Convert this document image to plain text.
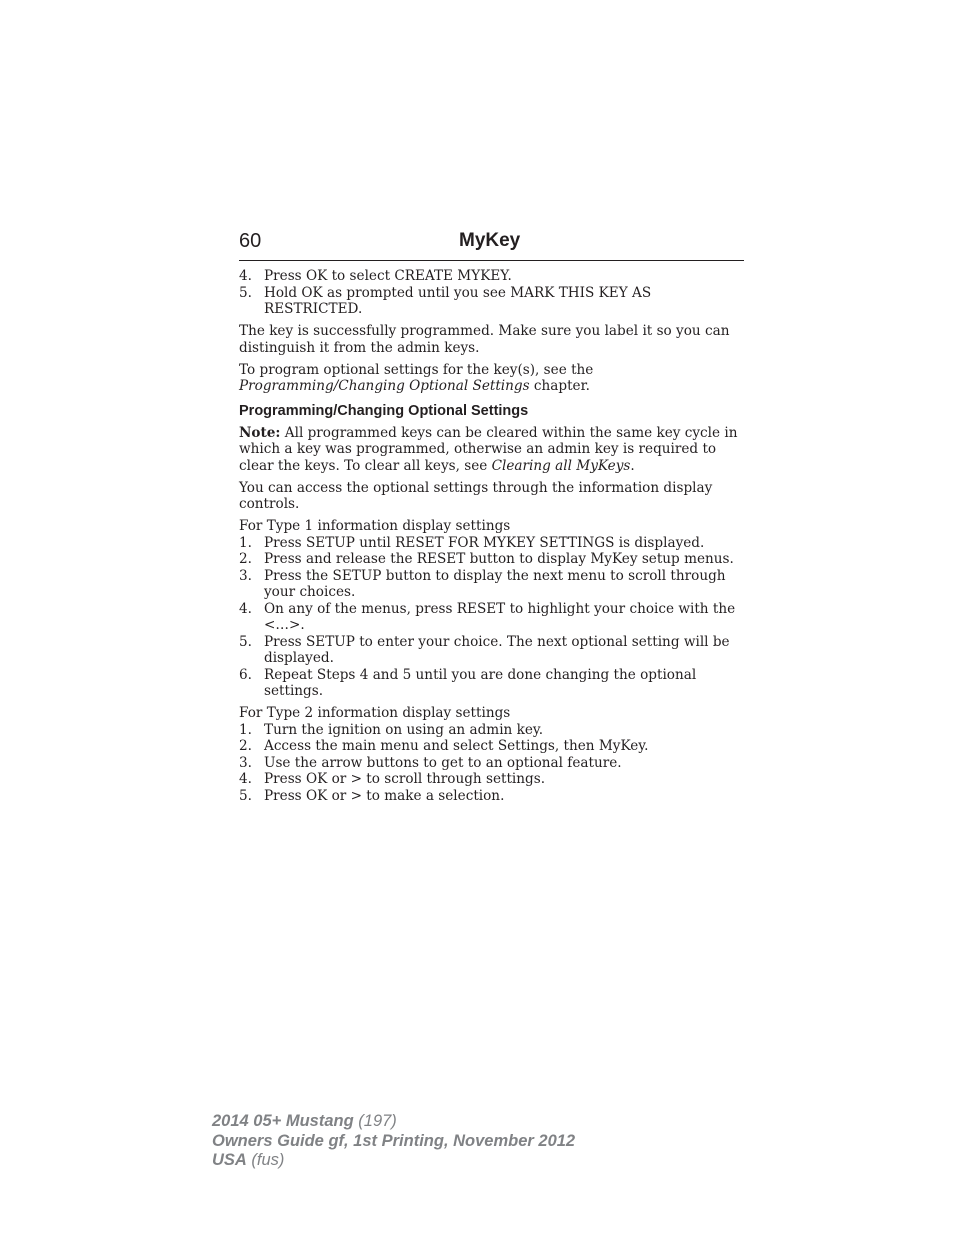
60	MyKey
4. Press OK to select CREATE MYKEY.
5. Hold OK as prompted until you see MARK THIS KEY AS RESTRICTED.

The key is successfully programmed. Make sure you label it so you can distinguish it from the admin keys.

To program optional settings for the key(s), see the Programming/Changing Optional Settings chapter.

Programming/Changing Optional Settings

Note: All programmed keys can be cleared within the same key cycle in which a key was programmed, otherwise an admin key is required to clear the keys. To clear all keys, see Clearing all MyKeys.

You can access the optional settings through the information display controls.

For Type 1 information display settings

1. Press SETUP until RESET FOR MYKEY SETTINGS is displayed.
2. Press and release the RESET button to display MyKey setup menus.
3. Press the SETUP button to display the next menu to scroll through your choices.
4. On any of the menus, press RESET to highlight your choice with the <…>.
5. Press SETUP to enter your choice. The next optional setting will be displayed.
6. Repeat Steps 4 and 5 until you are done changing the optional settings.

For Type 2 information display settings

1. Turn the ignition on using an admin key.
2. Access the main menu and select Settings, then MyKey.
3. Use the arrow buttons to get to an optional feature.
4. Press OK or > to scroll through settings.
5. Press OK or > to make a selection.
2014 05+ Mustang (197)
Owners Guide gf, 1st Printing, November 2012
USA (fus)
